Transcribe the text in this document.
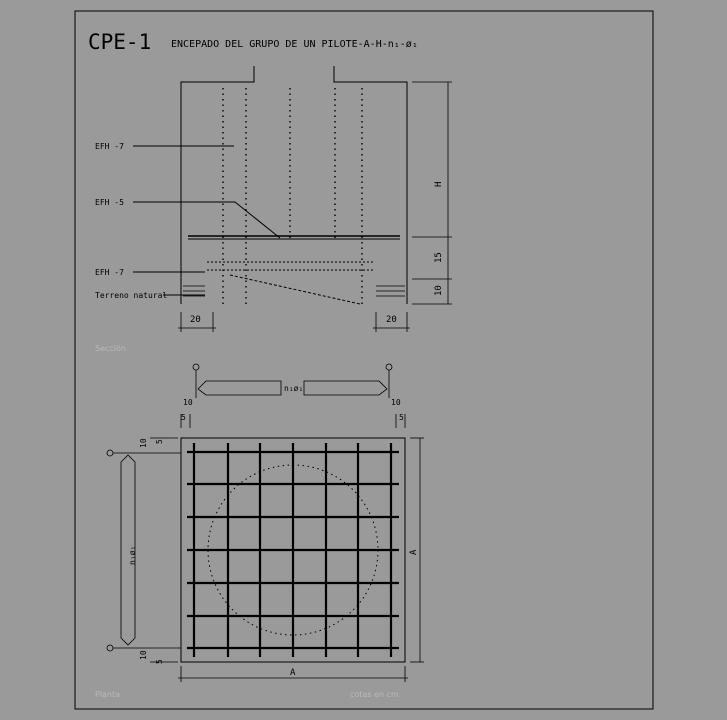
CPE-1 ENCEPADO DEL GRUPO DE UN PILOTE-A-H-n₁-ø₁
EFH -7
EFH -5
EFH -7
Terreno natural
H
15
10
20	20
Sección
n₁ø₁
10	10
5	5
10 5
10
5
n₁ø₁	A
A
Planta	cotas en cm
